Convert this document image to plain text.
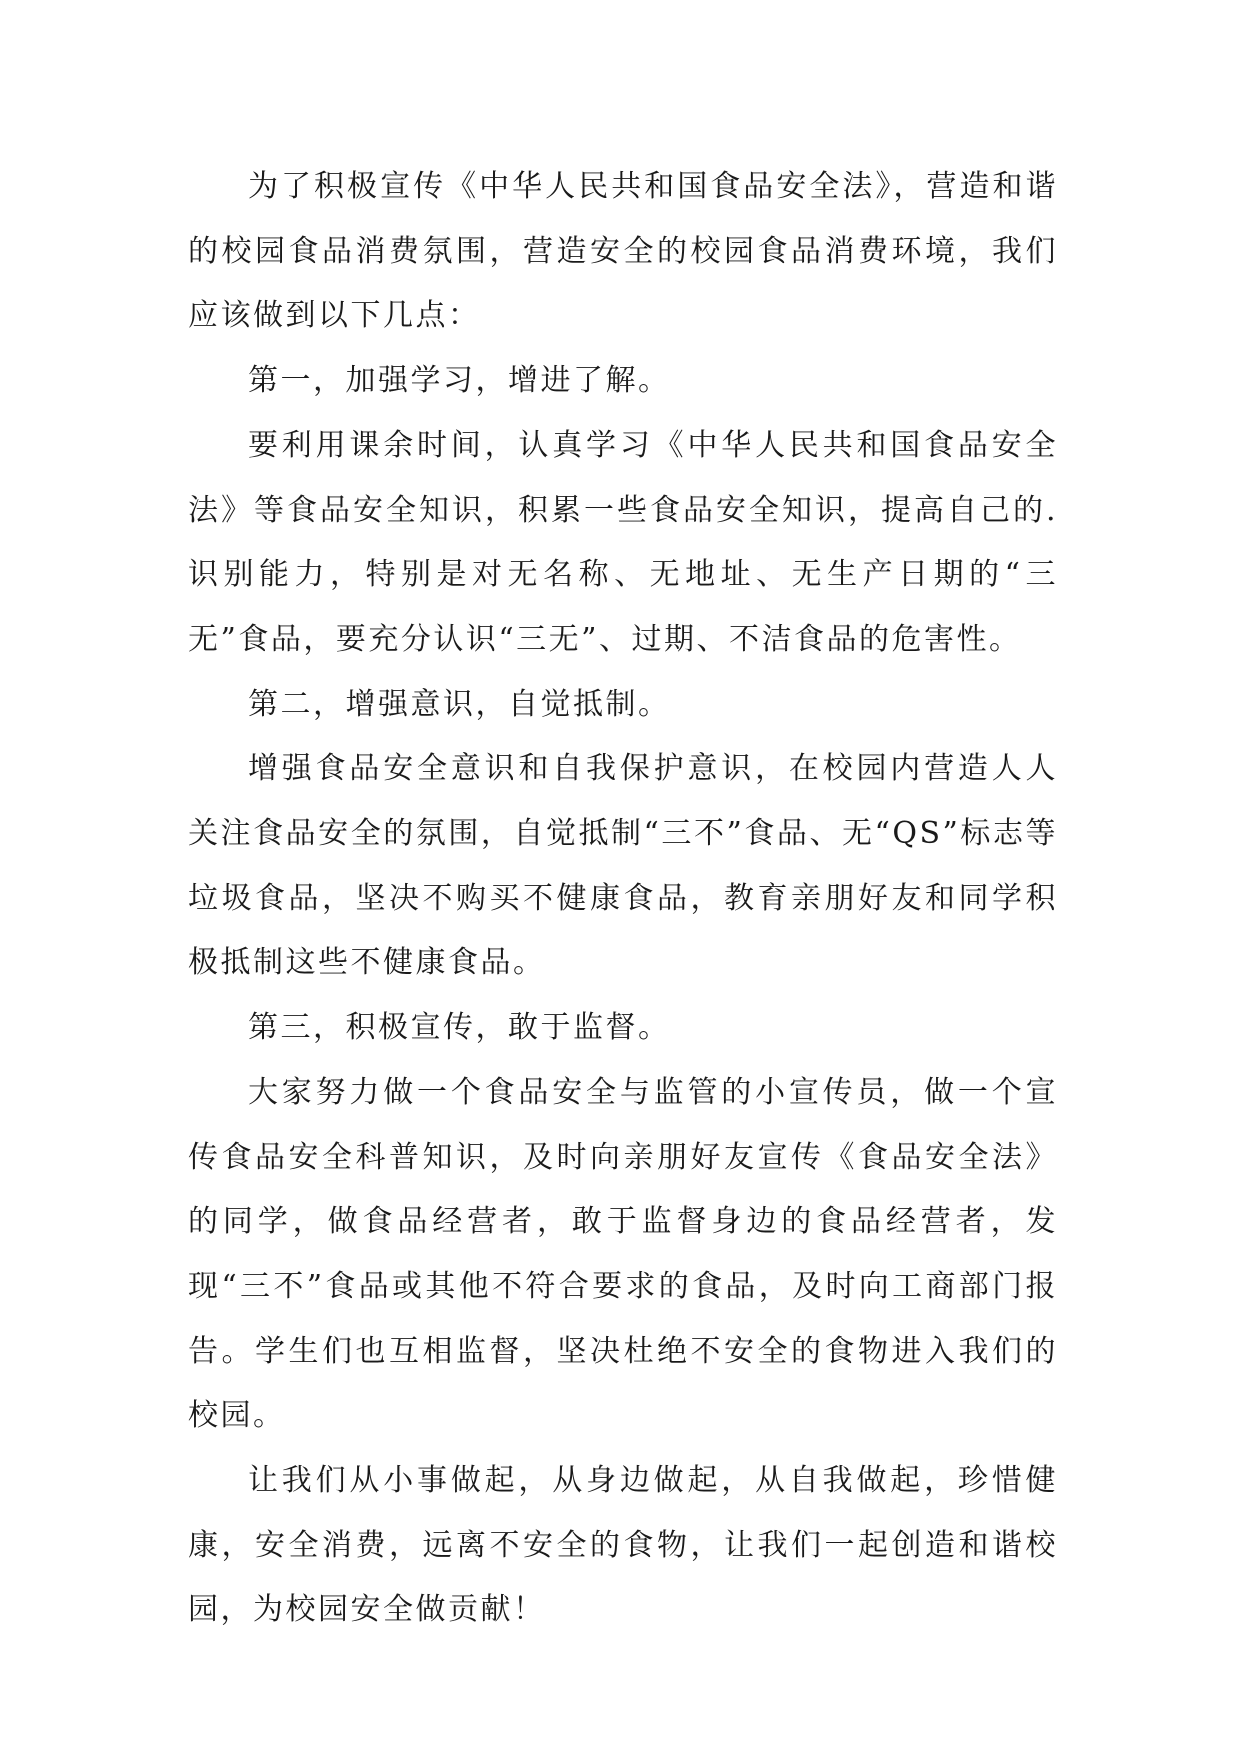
为了积极宣传《中华人民共和国食品安全法》，营造和谐的校园食品消费氛围，营造安全的校园食品消费环境，我们应该做到以下几点：

第一，加强学习，增进了解。

要利用课余时间，认真学习《中华人民共和国食品安全法》等食品安全知识，积累一些食品安全知识，提高自己的.识别能力，特别是对无名称、无地址、无生产日期的“三无”食品，要充分认识“三无”、过期、不洁食品的危害性。

第二，增强意识，自觉抵制。

增强食品安全意识和自我保护意识，在校园内营造人人关注食品安全的氛围，自觉抵制“三不”食品、无“QS”标志等垃圾食品，坚决不购买不健康食品，教育亲朋好友和同学积极抵制这些不健康食品。

第三，积极宣传，敢于监督。

大家努力做一个食品安全与监管的小宣传员，做一个宣传食品安全科普知识，及时向亲朋好友宣传《食品安全法》的同学，做食品经营者，敢于监督身边的食品经营者，发现“三不”食品或其他不符合要求的食品，及时向工商部门报告。学生们也互相监督，坚决杜绝不安全的食物进入我们的校园。

让我们从小事做起，从身边做起，从自我做起，珍惜健康，安全消费，远离不安全的食物，让我们一起创造和谐校园，为校园安全做贡献！
